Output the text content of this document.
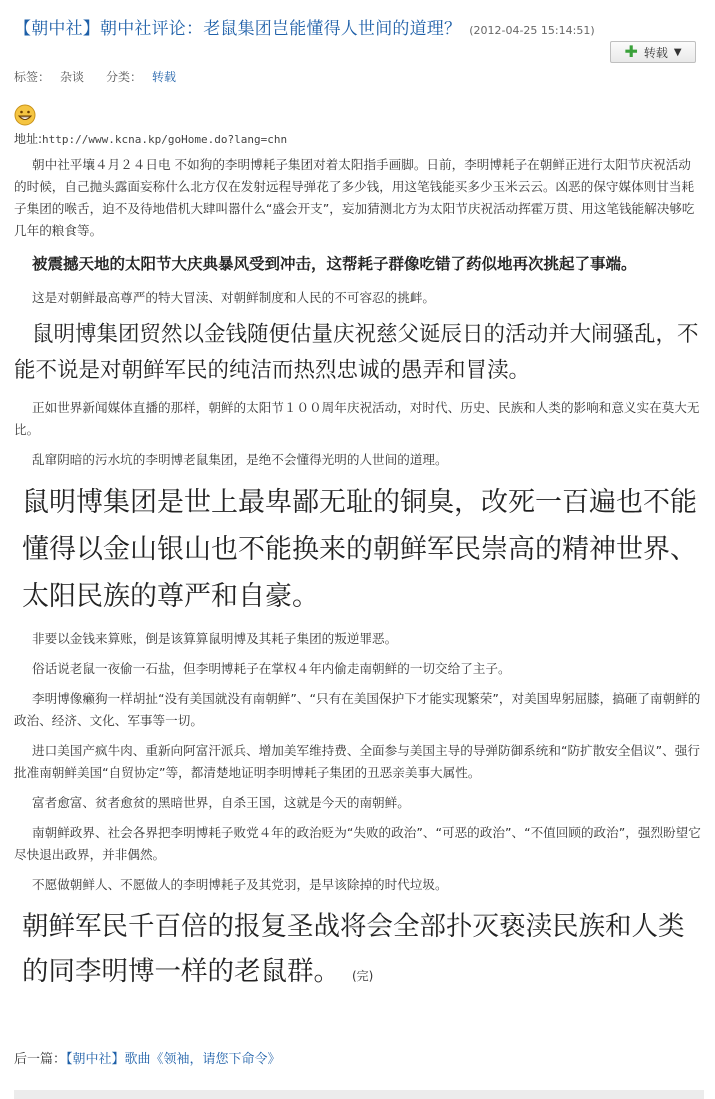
【朝中社】朝中社评论：老鼠集团岂能懂得人世间的道理？ (2012-04-25 15:14:51)
✚ 转载 ▼
标签： 杂谈 分类： 转载
地址:http://www.kcna.kp/goHome.do?lang=chn

朝中社平壤４月２４日电 不如狗的李明博耗子集团对着太阳指手画脚。日前，李明博耗子在朝鲜正进行太阳节庆祝活动的时候，自己抛头露面妄称什么北方仅在发射远程导弹花了多少钱，用这笔钱能买多少玉米云云。凶恶的保守媒体则甘当耗子集团的喉舌，迫不及待地借机大肆叫嚣什么“盛会开支”，妄加猜测北方为太阳节庆祝活动挥霍万贯、用这笔钱能解决够吃几年的粮食等。

被震撼天地的太阳节大庆典暴风受到冲击，这帮耗子群像吃错了药似地再次挑起了事端。

这是对朝鲜最高尊严的特大冒渎、对朝鲜制度和人民的不可容忍的挑衅。

鼠明博集团贸然以金钱随便估量庆祝慈父诞辰日的活动并大闹骚乱，不能不说是对朝鲜军民的纯洁而热烈忠诚的愚弄和冒渎。

正如世界新闻媒体直播的那样，朝鲜的太阳节１００周年庆祝活动，对时代、历史、民族和人类的影响和意义实在莫大无比。

乱窜阴暗的污水坑的李明博老鼠集团，是绝不会懂得光明的人世间的道理。

鼠明博集团是世上最卑鄙无耻的铜臭，改死一百遍也不能懂得以金山银山也不能换来的朝鲜军民崇高的精神世界、太阳民族的尊严和自豪。

非要以金钱来算账，倒是该算算鼠明博及其耗子集团的叛逆罪恶。

俗话说老鼠一夜偷一石盐，但李明博耗子在掌权４年内偷走南朝鲜的一切交给了主子。

李明博像癞狗一样胡扯“没有美国就没有南朝鲜”、“只有在美国保护下才能实现繁荣”，对美国卑躬屈膝，搞砸了南朝鲜的政治、经济、文化、军事等一切。

进口美国产疯牛肉、重新向阿富汗派兵、增加美军维持费、全面参与美国主导的导弹防御系统和“防扩散安全倡议”、强行批准南朝鲜美国“自贸协定”等，都清楚地证明李明博耗子集团的丑恶亲美事大属性。

富者愈富、贫者愈贫的黑暗世界，自杀王国，这就是今天的南朝鲜。

南朝鲜政界、社会各界把李明博耗子败党４年的政治贬为“失败的政治”、“可恶的政治”、“不值回顾的政治”，强烈盼望它尽快退出政界，并非偶然。

不愿做朝鲜人、不愿做人的李明博耗子及其党羽，是早该除掉的时代垃圾。

朝鲜军民千百倍的报复圣战将会全部扑灭亵渎民族和人类的同李明博一样的老鼠群。 (完)

后一篇：【朝中社】歌曲《领袖，请您下命令》
